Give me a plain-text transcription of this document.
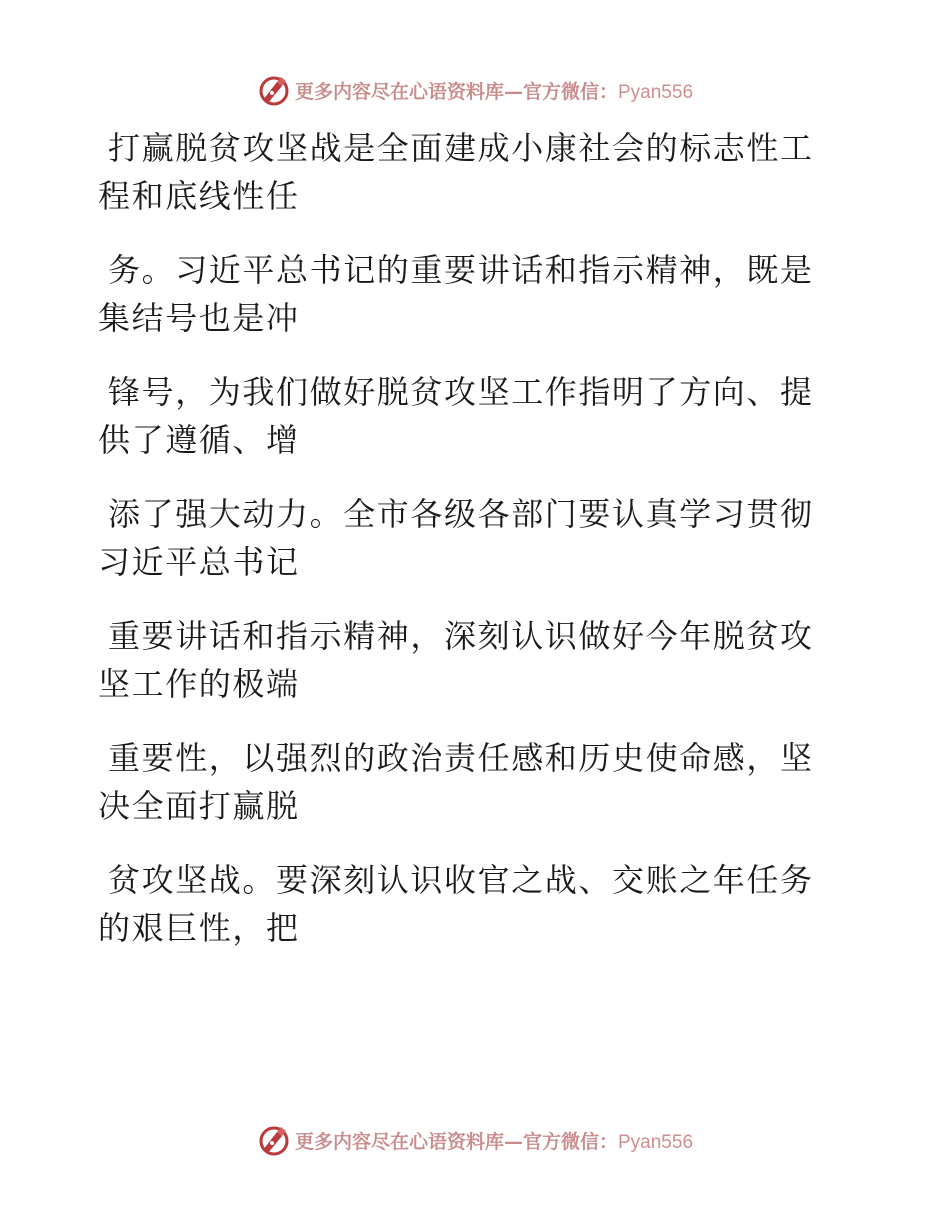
更多内容尽在心语资料库—官方微信：Pyan556
打赢脱贫攻坚战是全面建成小康社会的标志性工
程和底线性任
务。习近平总书记的重要讲话和指示精神，既是
集结号也是冲
锋号，为我们做好脱贫攻坚工作指明了方向、提
供了遵循、增
添了强大动力。全市各级各部门要认真学习贯彻
习近平总书记
重要讲话和指示精神，深刻认识做好今年脱贫攻
坚工作的极端
重要性，以强烈的政治责任感和历史使命感，坚
决全面打赢脱
贫攻坚战。要深刻认识收官之战、交账之年任务
的艰巨性，把
更多内容尽在心语资料库—官方微信：Pyan556
